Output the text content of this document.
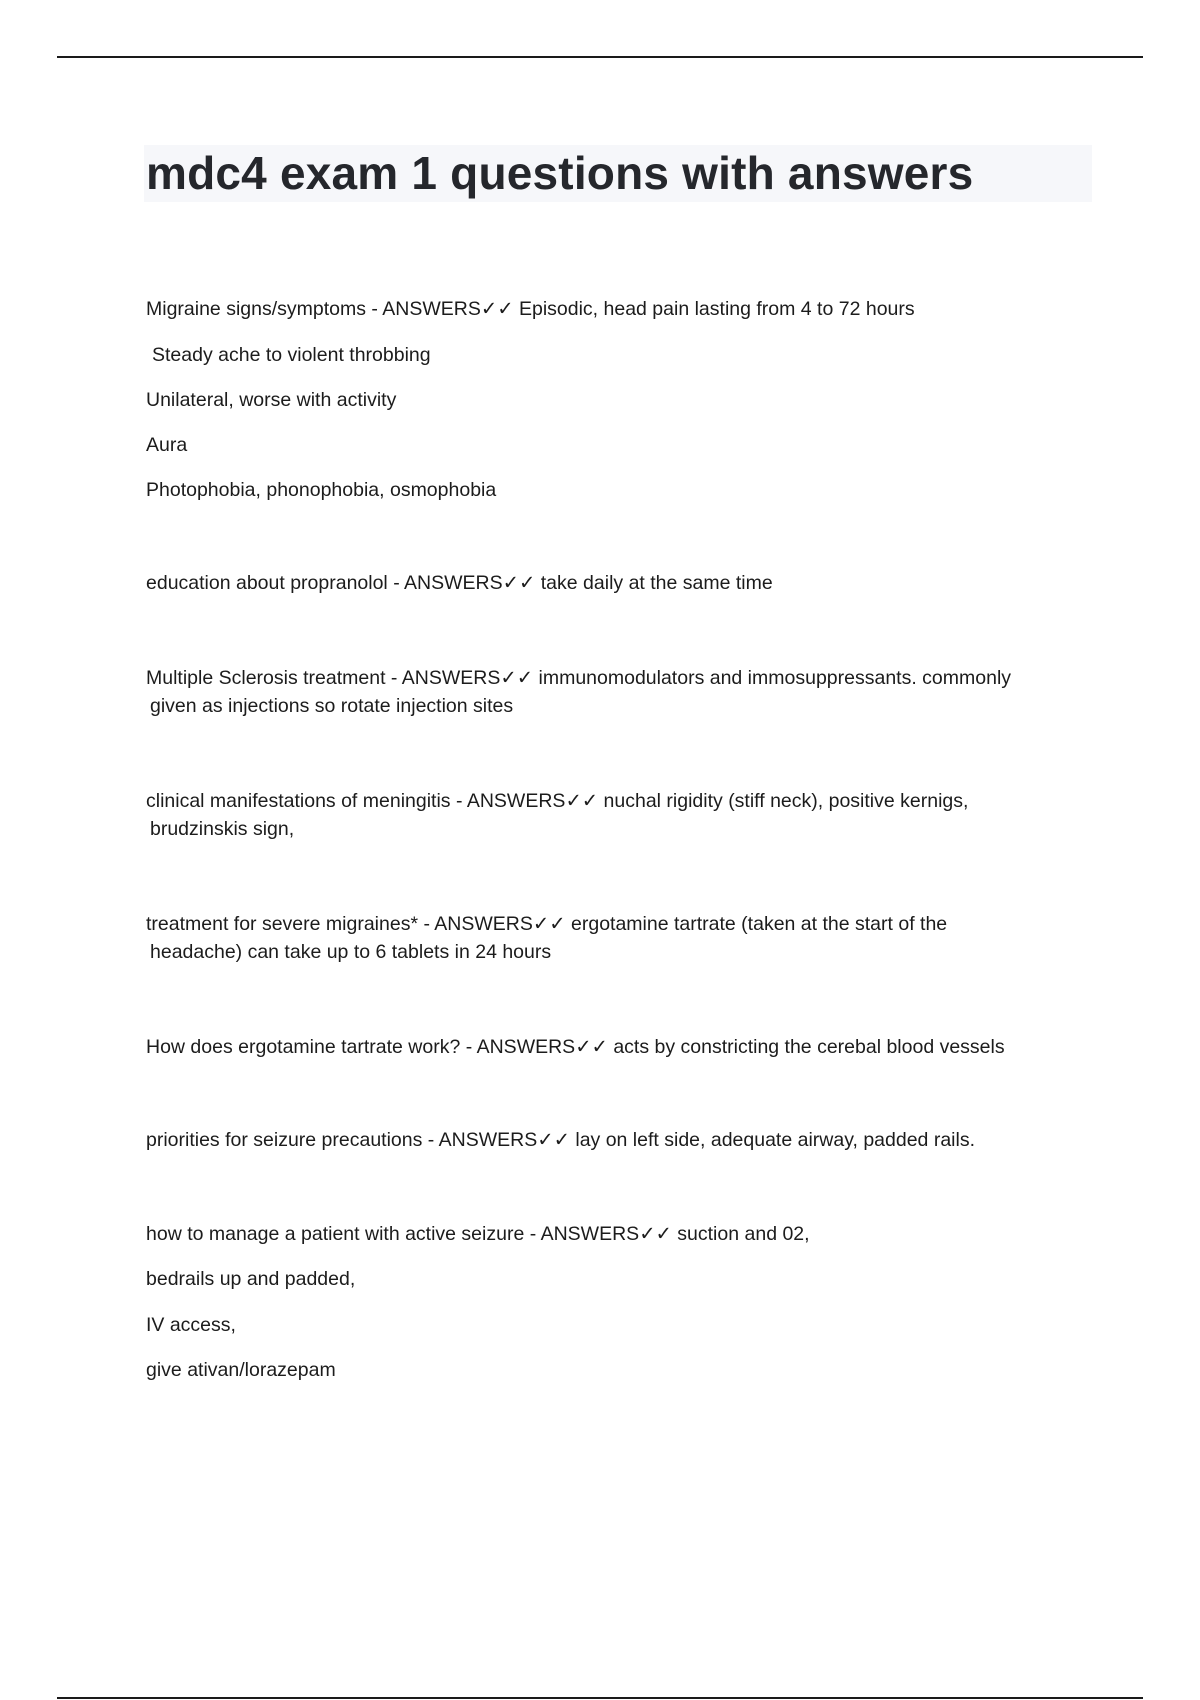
mdc4 exam 1 questions with answers

Migraine signs/symptoms - ANSWERS✓✓ Episodic, head pain lasting from 4 to 72 hours

Steady ache to violent throbbing

Unilateral, worse with activity

Aura

Photophobia, phonophobia, osmophobia

education about propranolol - ANSWERS✓✓ take daily at the same time

Multiple Sclerosis treatment - ANSWERS✓✓ immunomodulators and immosuppressants. commonly

given as injections so rotate injection sites

clinical manifestations of meningitis - ANSWERS✓✓ nuchal rigidity (stiff neck), positive kernigs,

brudzinskis sign,

treatment for severe migraines* - ANSWERS✓✓ ergotamine tartrate (taken at the start of the

headache) can take up to 6 tablets in 24 hours

How does ergotamine tartrate work? - ANSWERS✓✓ acts by constricting the cerebal blood vessels

priorities for seizure precautions - ANSWERS✓✓ lay on left side, adequate airway, padded rails.

how to manage a patient with active seizure - ANSWERS✓✓ suction and 02,

bedrails up and padded,

IV access,

give ativan/lorazepam
